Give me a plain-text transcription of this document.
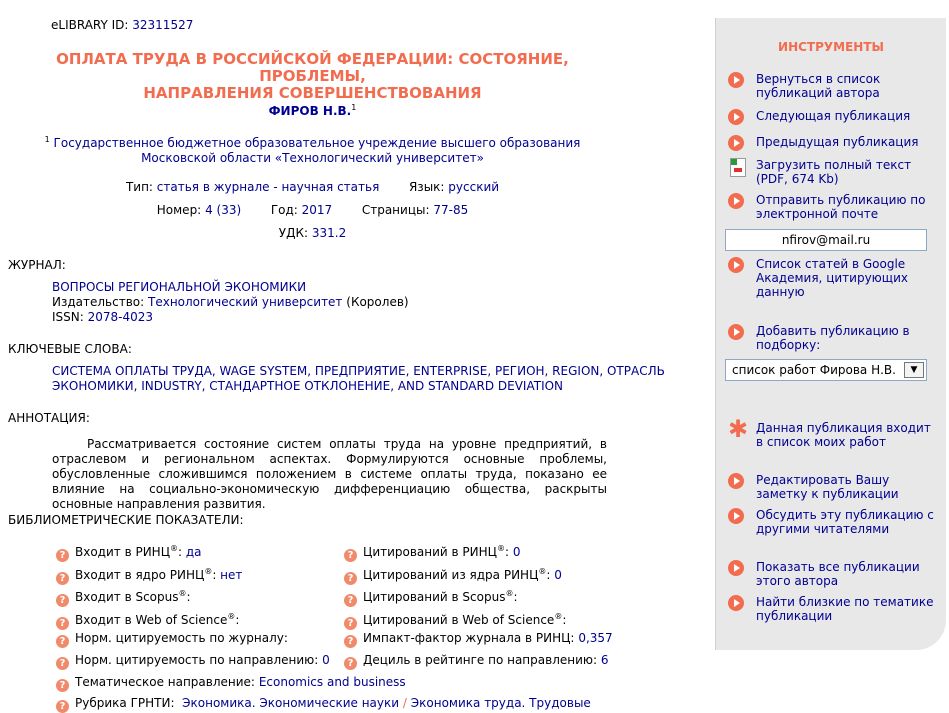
eLIBRARY ID: 32311527
ОПЛАТА ТРУДА В РОССИЙСКОЙ ФЕДЕРАЦИИ: СОСТОЯНИЕ, ПРОБЛЕМЫ,
НАПРАВЛЕНИЯ СОВЕРШЕНСТВОВАНИЯ
ФИРОВ Н.В.$^1$
$^1$ Государственное бюджетное образовательное учреждение высшего образования Московской области «Технологический университет»
Тип: статья в журнале - научная статья Язык: русский
Номер: 4 (33) Год: 2017 Страницы: 77-85
УДК: 331.2
ЖУРНАЛ:
ВОПРОСЫ РЕГИОНАЛЬНОЙ ЭКОНОМИКИ
Издательство: Технологический университет (Королев)
ISSN: 2078-4023
КЛЮЧЕВЫЕ СЛОВА:
СИСТЕМА ОПЛАТЫ ТРУДА, WAGE SYSTEM, ПРЕДПРИЯТИЕ, ENTERPRISE, РЕГИОН, REGION, ОТРАСЛЬ
ЭКОНОМИКИ, INDUSTRY, СТАНДАРТНОЕ ОТКЛОНЕНИЕ, AND STANDARD DEVIATION
АННОТАЦИЯ:
Рассматривается состояние систем оплаты труда на уровне предприятий, в отраслевом и региональном аспектах. Формулируются основные проблемы, обусловленные сложившимся положением в системе оплаты труда, показано ее влияние на социально-экономическую дифференциацию общества, раскрыты основные направления развития.
БИБЛИОМЕТРИЧЕСКИЕ ПОКАЗАТЕЛИ:
? Входит в РИНЦ®: да
? Входит в ядро РИНЦ®: нет
? Входит в Scopus®:
? Входит в Web of Science®:
? Норм. цитируемость по журналу:
? Норм. цитируемость по направлению: 0
? Цитирований в РИНЦ®: 0
? Цитирований из ядра РИНЦ®: 0
? Цитирований в Scopus®:
? Цитирований в Web of Science®:
? Импакт-фактор журнала в РИНЦ: 0,357
? Дециль в рейтинге по направлению: 6
? Тематическое направление: Economics and business
? Рубрика ГРНТИ: Экономика. Экономические науки / Экономика труда. Трудовые
ИНСТРУМЕНТЫ
Вернуться в список публикаций автора
Следующая публикация
Предыдущая публикация
Загрузить полный текст (PDF, 674 Kb)
Отправить публикацию по электронной почте
nfirov@mail.ru
Список статей в Google Академия, цитирующих данную
Добавить публикацию в подборку:
список работ Фирова Н.В.	▼
✱ Данная публикация входит в список моих работ
Редактировать Вашу заметку к публикации
Обсудить эту публикацию с другими читателями
Показать все публикации этого автора
Найти близкие по тематике публикации
